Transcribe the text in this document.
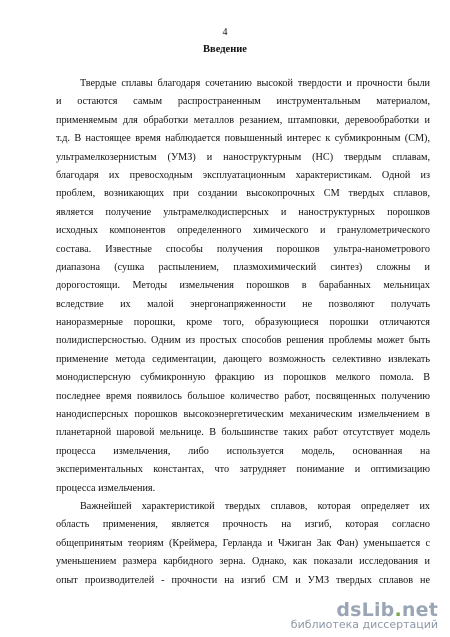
4
Введение
Твердые сплавы благодаря сочетанию высокой твердости и прочности были
и остаются самым распространенным инструментальным материалом,
применяемым для обработки металлов резанием, штамповки, деревообработки и
т.д. В настоящее время наблюдается повышенный интерес к субмикронным (СМ),
ультрамелкозернистым (УМЗ) и наноструктурным (НС) твердым сплавам,
благодаря их превосходным эксплуатационным характеристикам. Одной из
проблем, возникающих при создании высокопрочных СМ твердых сплавов,
является получение ультрамелкодисперсных и наноструктурных порошков
исходных компонентов определенного химического и гранулометрического
состава. Известные способы получения порошков ультра-нанометрового
диапазона (сушка распылением, плазмохимический синтез) сложны и
дорогостоящи. Методы измельчения порошков в барабанных мельницах
вследствие их малой энергонапряженности не позволяют получать
наноразмерные порошки, кроме того, образующиеся порошки отличаются
полидисперсностью. Одним из простых способов решения проблемы может быть
применение метода седиментации, дающего возможность селективно извлекать
монодисперсную субмикронную фракцию из порошков мелкого помола. В
последнее время появилось большое количество работ, посвященных получению
нанодисперсных порошков высокоэнергетическим механическим измельчением в
планетарной шаровой мельнице. В большинстве таких работ отсутствует модель
процесса измельчения, либо используется модель, основанная на
экспериментальных константах, что затрудняет понимание и оптимизацию
процесса измельчения.
Важнейшей характеристикой твердых сплавов, которая определяет их
область применения, является прочность на изгиб, которая согласно
общепринятым теориям (Креймера, Герланда и Чжиган Зак Фан) уменьшается с
уменьшением размера карбидного зерна. Однако, как показали исследования и
опыт производителей - прочности на изгиб СМ и УМЗ твердых сплавов не
dsLib.net
библиотека диссертаций
